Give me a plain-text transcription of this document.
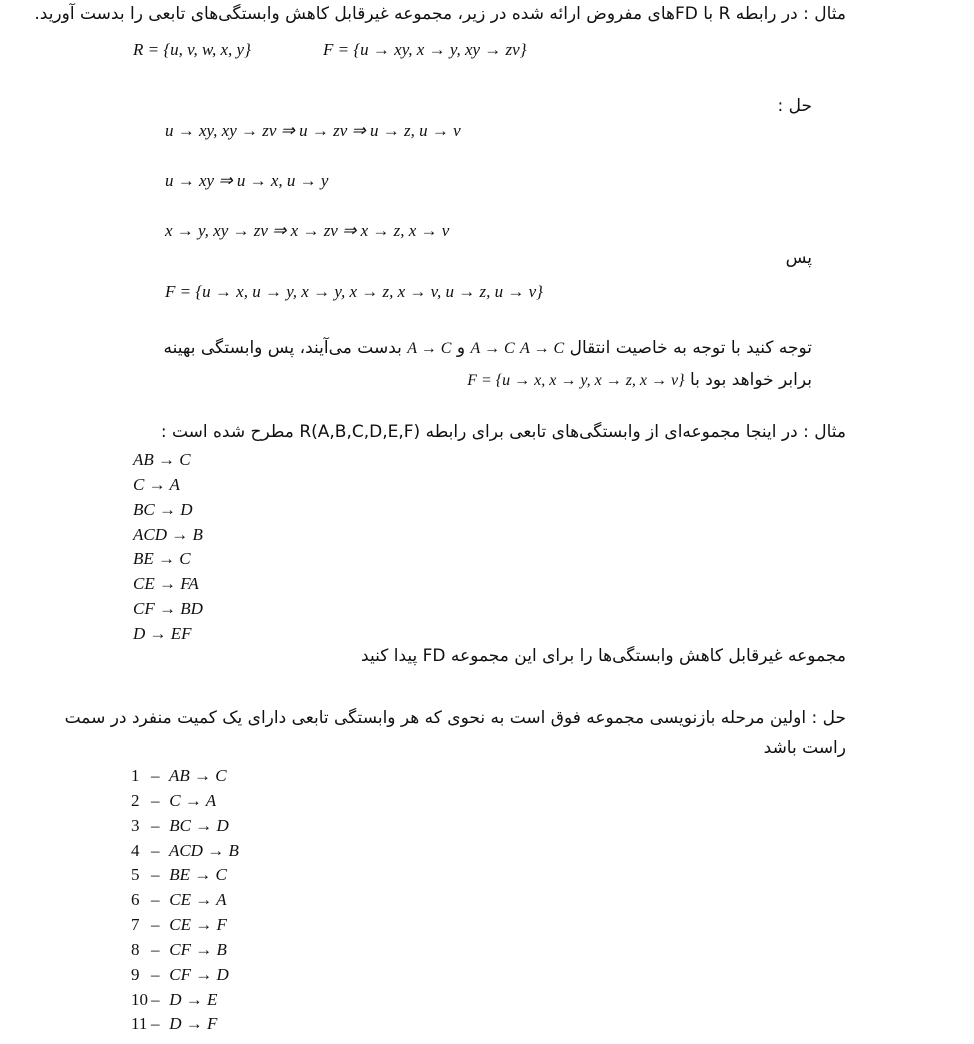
مثال : در رابطه R با FDهای مفروض ارائه شده در زیر، مجموعه غیرقابل کاهش وابستگی‌های تابعی را بدست آورید.
R = {u, v, w, x, y}	F = {u → xy, x → y, xy → zv}
حل :
u → xy, xy → zv ⇒ u → zv ⇒ u → z, u → v
u → xy ⇒ u → x, u → y
x → y, xy → zv ⇒ x → zv ⇒ x → z, x → v
پس
F = {u → x, u → y, x → y, x → z, x → v, u → z, u → v}
توجه کنید با توجه به خاصیت انتقال A → C A → C و A → C بدست می‌آیند، پس وابستگی بهینه
برابر خواهد بود با F = {u → x, x → y, x → z, x → v}
مثال : در اینجا مجموعه‌ای از وابستگی‌های تابعی برای رابطه R(A,B,C,D,E,F) مطرح شده است :
AB → C
C → A
BC → D
ACD → B
BE → C
CE → FA
CF → BD
D → EF
مجموعه غیرقابل کاهش وابستگی‌ها را برای این مجموعه FD پیدا کنید
حل : اولین مرحله بازنویسی مجموعه فوق است به نحوی که هر وابستگی تابعی دارای یک کمیت منفرد در سمت
راست باشد
1 – AB → C
2 – C → A
3 – BC → D
4 – ACD → B
5 – BE → C
6 – CE → A
7 – CE → F
8 – CF → B
9 – CF → D
10 – D → E
11 – D → F
